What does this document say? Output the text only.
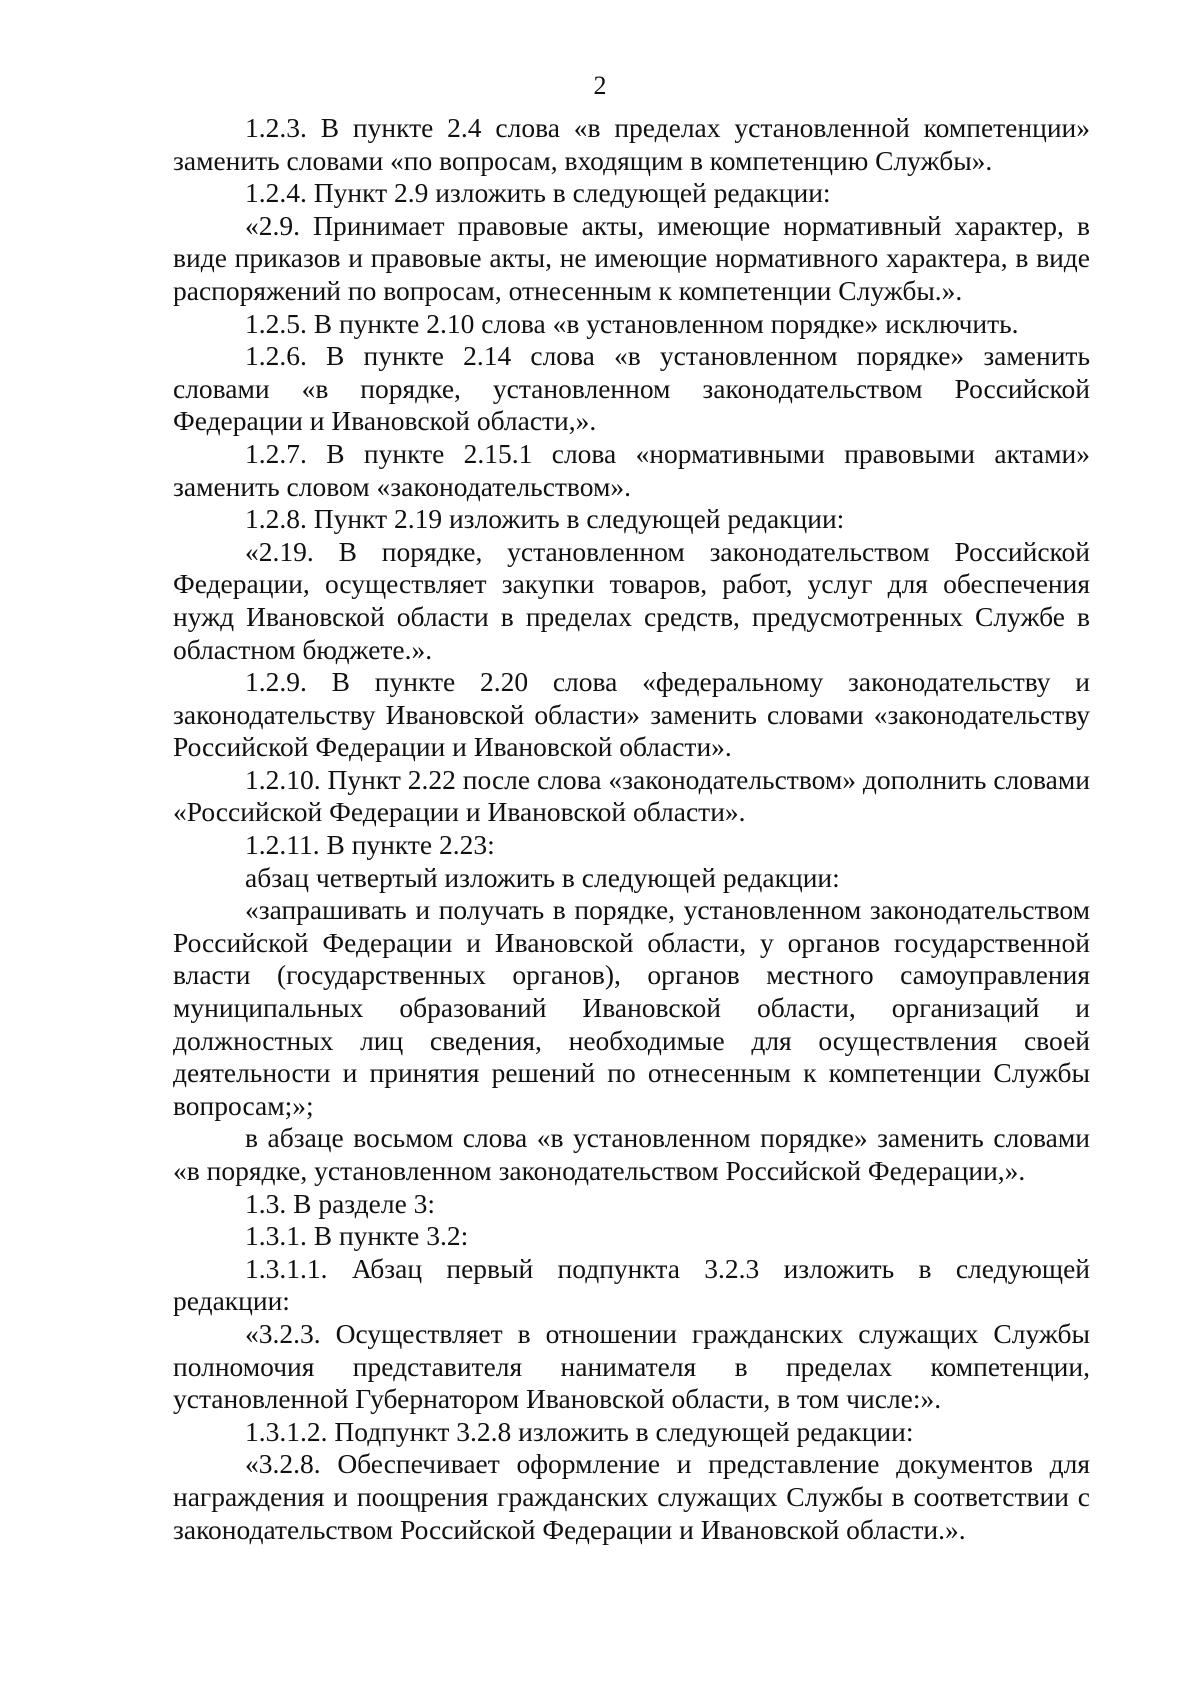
2

1.2.3. В пункте 2.4 слова «в пределах установленной компетенции» заменить словами «по вопросам, входящим в компетенцию Службы».

1.2.4. Пункт 2.9 изложить в следующей редакции:

«2.9. Принимает правовые акты, имеющие нормативный характер, в виде приказов и правовые акты, не имеющие нормативного характера, в виде распоряжений по вопросам, отнесенным к компетенции Службы.».

1.2.5. В пункте 2.10 слова «в установленном порядке» исключить.

1.2.6. В пункте 2.14 слова «в установленном порядке» заменить словами «в порядке, установленном законодательством Российской Федерации и Ивановской области,».

1.2.7. В пункте 2.15.1 слова «нормативными правовыми актами» заменить словом «законодательством».

1.2.8. Пункт 2.19 изложить в следующей редакции:

«2.19. В порядке, установленном законодательством Российской Федерации, осуществляет закупки товаров, работ, услуг для обеспечения нужд Ивановской области в пределах средств, предусмотренных Службе в областном бюджете.».

1.2.9. В пункте 2.20 слова «федеральному законодательству и законодательству Ивановской области» заменить словами «законодательству Российской Федерации и Ивановской области».

1.2.10. Пункт 2.22 после слова «законодательством» дополнить словами «Российской Федерации и Ивановской области».

1.2.11. В пункте 2.23:

абзац четвертый изложить в следующей редакции:

«запрашивать и получать в порядке, установленном законодательством Российской Федерации и Ивановской области, у органов государственной власти (государственных органов), органов местного самоуправления муниципальных образований Ивановской области, организаций и должностных лиц сведения, необходимые для осуществления своей деятельности и принятия решений по отнесенным к компетенции Службы вопросам;»;

в абзаце восьмом слова «в установленном порядке» заменить словами «в порядке, установленном законодательством Российской Федерации,».

1.3. В разделе 3:

1.3.1. В пункте 3.2:

1.3.1.1. Абзац первый подпункта 3.2.3 изложить в следующей редакции:

«3.2.3. Осуществляет в отношении гражданских служащих Службы полномочия представителя нанимателя в пределах компетенции, установленной Губернатором Ивановской области, в том числе:».

1.3.1.2. Подпункт 3.2.8 изложить в следующей редакции:

«3.2.8. Обеспечивает оформление и представление документов для награждения и поощрения гражданских служащих Службы в соответствии с законодательством Российской Федерации и Ивановской области.».
